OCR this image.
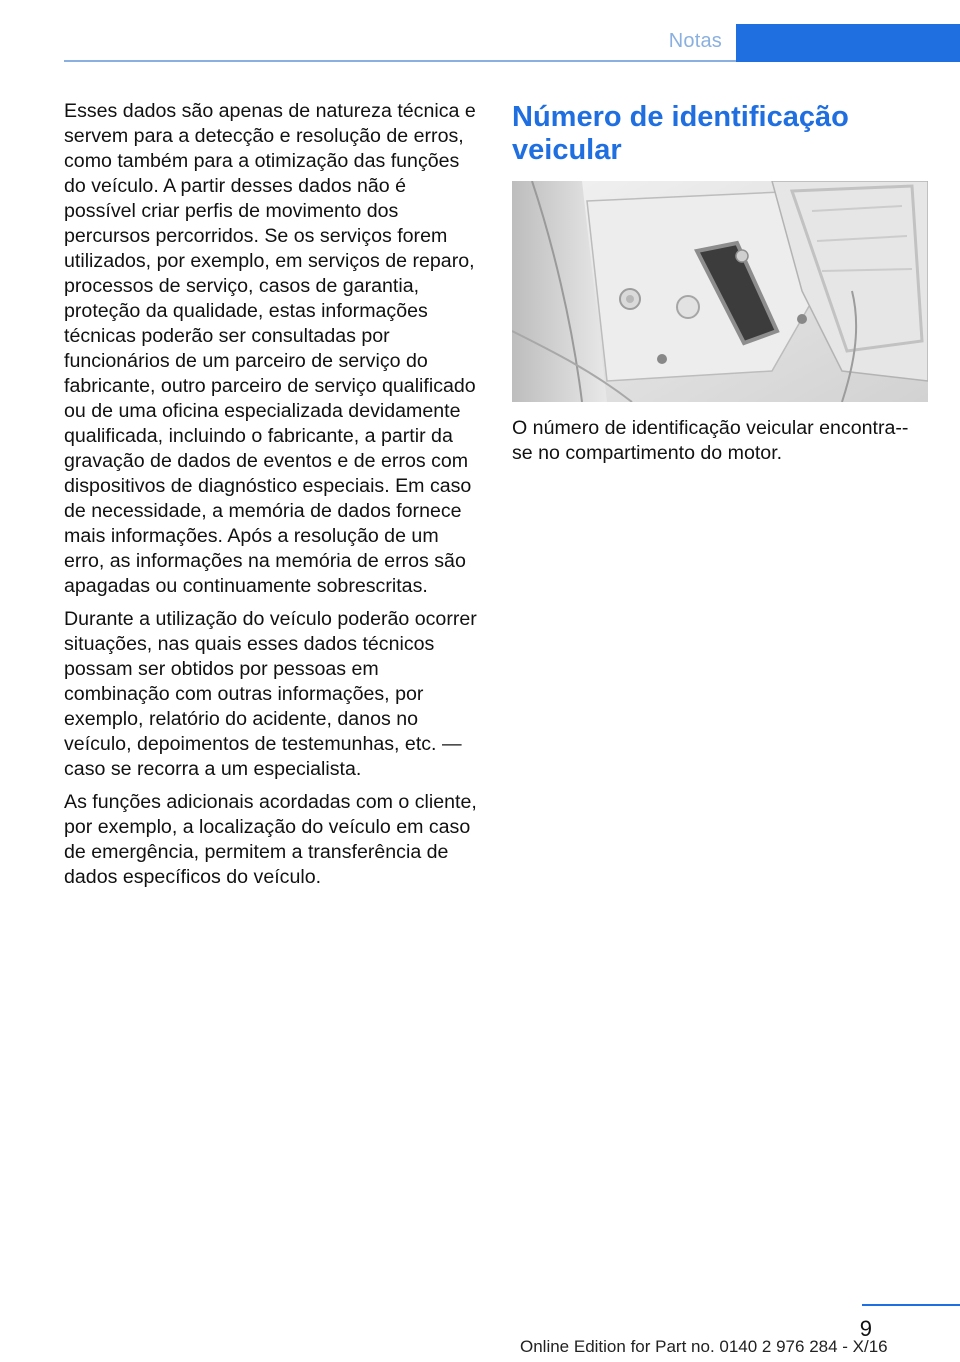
Notas

Esses dados são apenas de natureza técnica e servem para a detecção e resolução de erros, como também para a otimização das funções do veículo. A partir desses dados não é possível criar perfis de movimento dos percursos percorridos. Se os serviços forem utilizados, por exemplo, em serviços de reparo, processos de serviço, casos de garantia, proteção da qualidade, estas informações técnicas poderão ser consultadas por funcionários de um parceiro de serviço do fabricante, outro parceiro de serviço qualificado ou de uma oficina especializada devidamente qualificada, incluindo o fabricante, a partir da gravação de dados de eventos e de erros com dispositivos de diagnóstico especiais. Em caso de necessidade, a memória de dados fornece mais informações. Após a resolução de um erro, as informações na memória de erros são apagadas ou continuamente sobrescritas.

Durante a utilização do veículo poderão ocorrer situações, nas quais esses dados técnicos possam ser obtidos por pessoas em combinação com outras informações, por exemplo, relatório do acidente, danos no veículo, depoimentos de testemunhas, etc. — caso se recorra a um especialista.

As funções adicionais acordadas com o cliente, por exemplo, a localização do veículo em caso de emergência, permitem a transferência de dados específicos do veículo.

Número de identificação veicular

O número de identificação veicular encontra--se no compartimento do motor.

9
Online Edition for Part no. 0140 2 976 284 - X/16
